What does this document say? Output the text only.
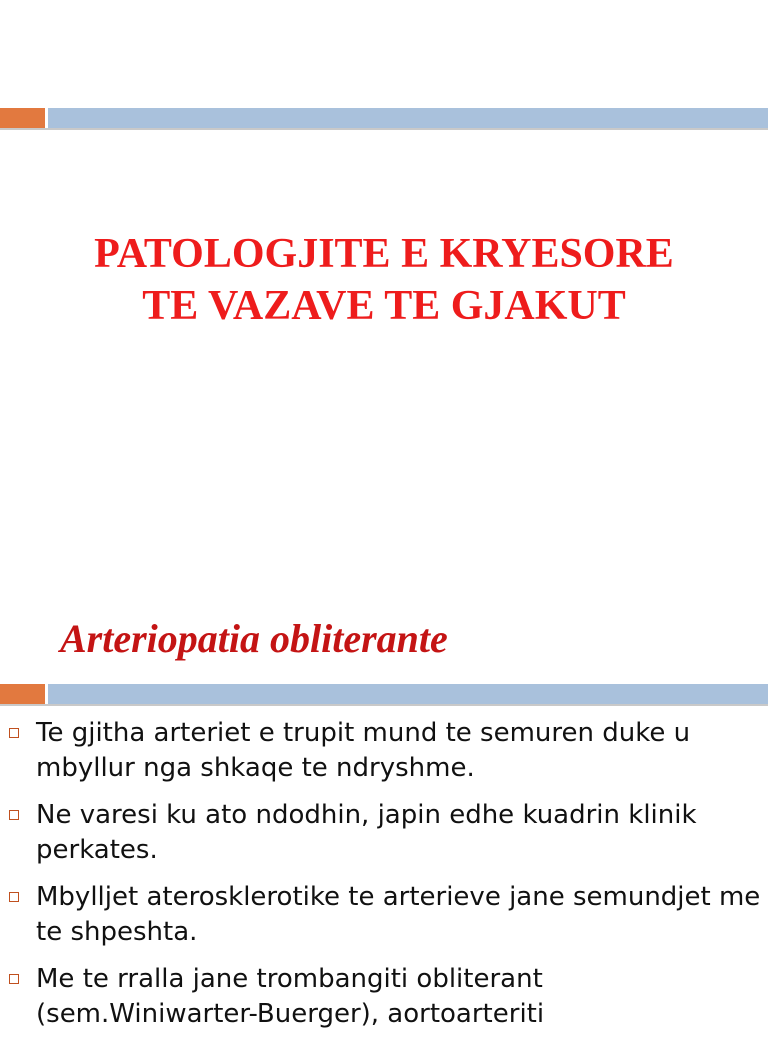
PATOLOGJITE E KRYESORE
TE VAZAVE TE GJAKUT
Arteriopatia obliterante
Te gjitha arteriet e trupit mund te semuren duke u mbyllur nga shkaqe te ndryshme.
Ne varesi ku ato ndodhin, japin edhe kuadrin klinik perkates.
Mbylljet aterosklerotike te arterieve jane semundjet me te shpeshta.
Me te rralla jane trombangiti obliterant (sem.Winiwarter-Buerger), aortoarteriti
